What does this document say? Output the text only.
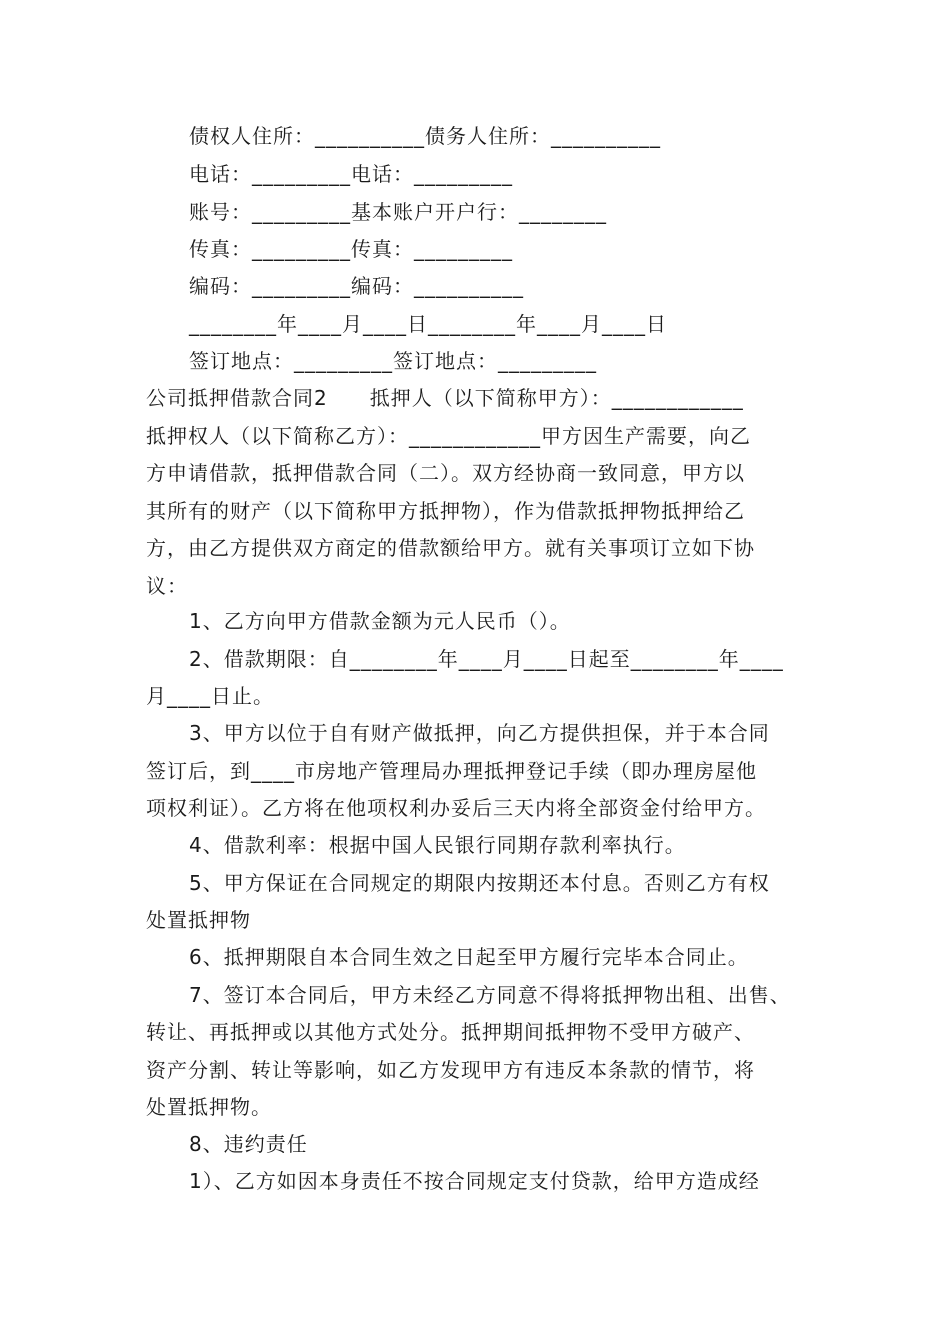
债权人住所：__________债务人住所：__________
电话：_________电话：_________
账号：_________基本账户开户行：________
传真：_________传真：_________
编码：_________编码：__________
________年____月____日________年____月____日
签订地点：_________签订地点：_________
公司抵押借款合同2　　抵押人（以下简称甲方）：____________
抵押权人（以下简称乙方）：____________甲方因生产需要，向乙
方申请借款，抵押借款合同（二）。双方经协商一致同意，甲方以
其所有的财产（以下简称甲方抵押物），作为借款抵押物抵押给乙
方，由乙方提供双方商定的借款额给甲方。就有关事项订立如下协
议：
1、乙方向甲方借款金额为元人民币（）。
2、借款期限：自________年____月____日起至________年____
月____日止。
3、甲方以位于自有财产做抵押，向乙方提供担保，并于本合同
签订后，到____市房地产管理局办理抵押登记手续（即办理房屋他
项权利证）。乙方将在他项权利办妥后三天内将全部资金付给甲方。
4、借款利率：根据中国人民银行同期存款利率执行。
5、甲方保证在合同规定的期限内按期还本付息。否则乙方有权
处置抵押物
6、抵押期限自本合同生效之日起至甲方履行完毕本合同止。
7、签订本合同后，甲方未经乙方同意不得将抵押物出租、出售、
转让、再抵押或以其他方式处分。抵押期间抵押物不受甲方破产、
资产分割、转让等影响，如乙方发现甲方有违反本条款的情节，将
处置抵押物。
8、违约责任
1）、乙方如因本身责任不按合同规定支付贷款，给甲方造成经
